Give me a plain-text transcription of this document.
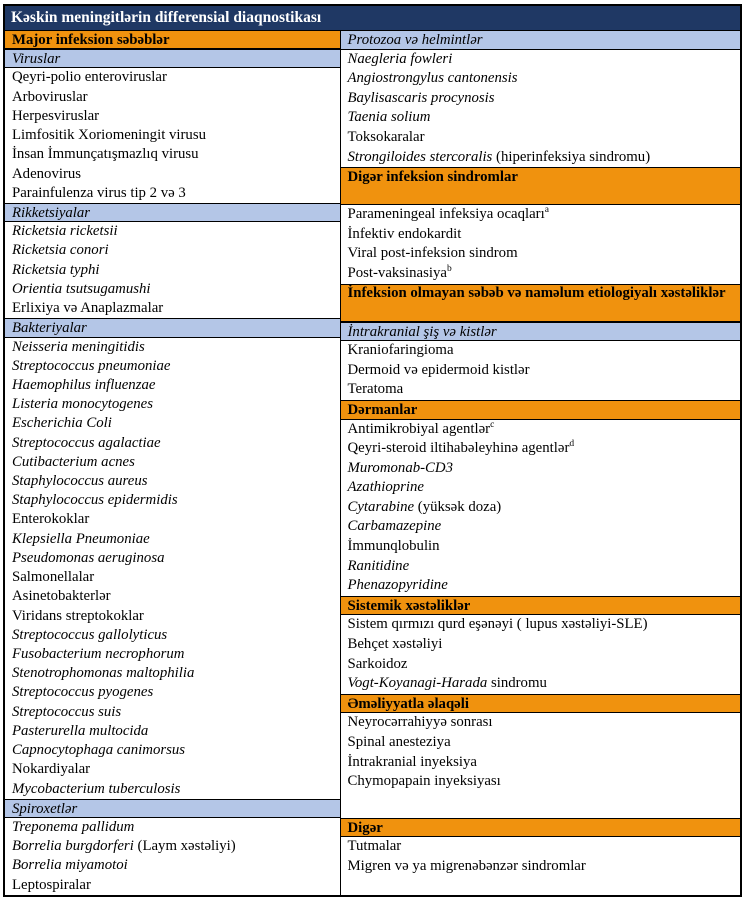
Kəskin meningitlərin differensial diaqnostikası
Major infeksion səbəblər
Viruslar
Qeyri-polio enteroviruslar
Arboviruslar
Herpesviruslar
Limfositik Xoriomeningit virusu
İnsan İmmunçatışmazlıq virusu
Adenovirus
Parainfulenza virus tip 2 və 3
Rikketsiyalar
Ricketsia ricketsii
Ricketsia conori
Ricketsia typhi
Orientia tsutsugamushi
Erlixiya və Anaplazmalar
Bakteriyalar
Neisseria meningitidis
Streptococcus pneumoniae
Haemophilus influenzae
Listeria monocytogenes
Escherichia Coli
Streptococcus agalactiae
Cutibacterium acnes
Staphylococcus aureus
Staphylococcus epidermidis
Enterokoklar
Klepsiella Pneumoniae
Pseudomonas aeruginosa
Salmonellalar
Asinetobakterlər
Viridans streptokoklar
Streptococcus gallolyticus
Fusobacterium necrophorum
Stenotrophomonas maltophilia
Streptococcus pyogenes
Streptococcus suis
Pasterurella multocida
Capnocytophaga canimorsus
Nokardiyalar
Mycobacterium tuberculosis
Spiroxetlər
Treponema pallidum
Borrelia burgdorferi (Laym xəstəliyi)
Borrelia miyamotoi
Leptospiralar
Protozoa və helmintlər
Naegleria fowleri
Angiostrongylus cantonensis
Baylisascaris procynosis
Taenia solium
Toksokaralar
Strongiloides stercoralis (hiperinfeksiya sindromu)
Digər infeksion sindromlar
Parameningeal infeksiya ocaqları$^a$
İnfektiv endokardit
Viral post-infeksion sindrom
Post-vaksinasiya$^b$
İnfeksion olmayan səbəb və naməlum etiologiyalı xəstəliklər
İntrakranial şiş və kistlər
Kraniofaringioma
Dermoid və epidermoid kistlər
Teratoma
Dərmanlar
Antimikrobiyal agentlər$^c$
Qeyri-steroid iltihabəleyhinə agentlər$^d$
Muromonab-CD3
Azathioprine
Cytarabine (yüksək doza)
Carbamazepine
İmmunqlobulin
Ranitidine
Phenazopyridine
Sistemik xəstəliklər
Sistem qırmızı qurd eşənəyi ( lupus xəstəliyi-SLE)
Behçet xəstəliyi
Sarkoidoz
Vogt-Koyanagi-Harada sindromu
Əməliyyatla əlaqəli
Neyrocərrahiyyə sonrası
Spinal anesteziya
İntrakranial inyeksiya
Chymopapain inyeksiyası
Digər
Tutmalar
Migren və ya migrenəbənzər sindromlar
